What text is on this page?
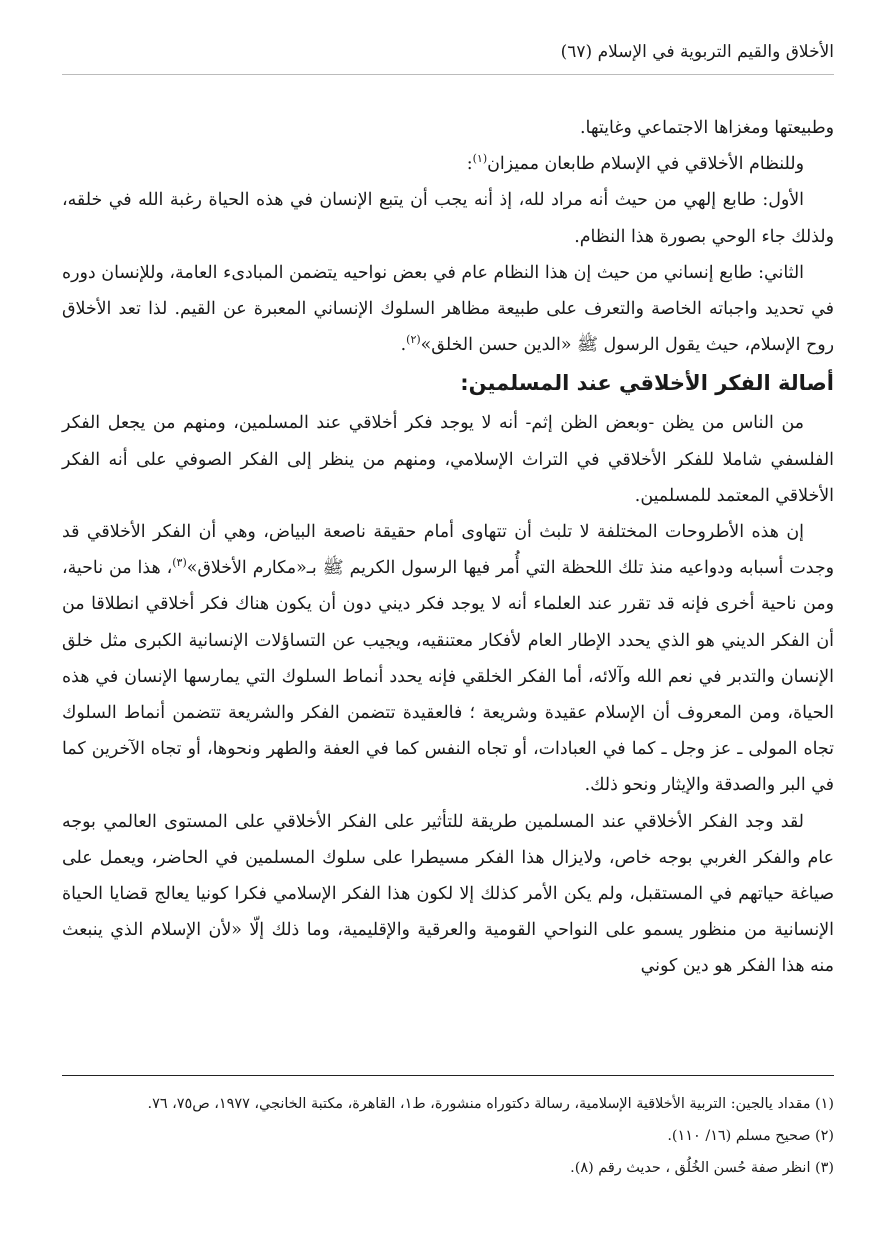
الأخلاق والقيم التربوية في الإسلام (٦٧)

وطبيعتها ومغزاها الاجتماعي وغايتها.

وللنظام الأخلاقي في الإسلام طابعان مميزان$^{(١)}$:

الأول: طابع إلهي من حيث أنه مراد لله، إذ أنه يجب أن يتبع الإنسان في هذه الحياة رغبة الله في خلقه، ولذلك جاء الوحي بصورة هذا النظام.

الثاني: طابع إنساني من حيث إن هذا النظام عام في بعض نواحيه يتضمن المبادىء العامة، وللإنسان دوره في تحديد واجباته الخاصة والتعرف على طبيعة مظاهر السلوك الإنساني المعبرة عن القيم. لذا تعد الأخلاق روح الإسلام، حيث يقول الرسول ﷺ «الدين حسن الخلق»$^{(٢)}$.

أصالة الفكر الأخلاقي عند المسلمين:

من الناس من يظن -وبعض الظن إثم- أنه لا يوجد فكر أخلاقي عند المسلمين، ومنهم من يجعل الفكر الفلسفي شاملا للفكر الأخلاقي في التراث الإسلامي، ومنهم من ينظر إلى الفكر الصوفي على أنه الفكر الأخلاقي المعتمد للمسلمين.

إن هذه الأطروحات المختلفة لا تلبث أن تتهاوى أمام حقيقة ناصعة البياض، وهي أن الفكر الأخلاقي قد وجدت أسبابه ودواعيه منذ تلك اللحظة التي أُمر فيها الرسول الكريم ﷺ بـ«مكارم الأخلاق»$^{(٣)}$، هذا من ناحية، ومن ناحية أخرى فإنه قد تقرر عند العلماء أنه لا يوجد فكر ديني دون أن يكون هناك فكر أخلاقي انطلاقا من أن الفكر الديني هو الذي يحدد الإطار العام لأفكار معتنقيه، ويجيب عن التساؤلات الإنسانية الكبرى مثل خلق الإنسان والتدبر في نعم الله وآلائه، أما الفكر الخلقي فإنه يحدد أنماط السلوك التي يمارسها الإنسان في هذه الحياة، ومن المعروف أن الإسلام عقيدة وشريعة ؛ فالعقيدة تتضمن الفكر والشريعة تتضمن أنماط السلوك تجاه المولى ـ عز وجل ـ كما في العبادات، أو تجاه النفس كما في العفة والطهر ونحوها، أو تجاه الآخرين كما في البر والصدقة والإيثار ونحو ذلك.

لقد وجد الفكر الأخلاقي عند المسلمين طريقة للتأثير على الفكر الأخلاقي على المستوى العالمي بوجه عام والفكر الغربي بوجه خاص، ولايزال هذا الفكر مسيطرا على سلوك المسلمين في الحاضر، ويعمل على صياغة حياتهم في المستقبل، ولم يكن الأمر كذلك إلا لكون هذا الفكر الإسلامي فكرا كونيا يعالج قضايا الحياة الإنسانية من منظور يسمو على النواحي القومية والعرقية والإقليمية، وما ذلك إلّا «لأن الإسلام الذي ينبعث منه هذا الفكر هو دين كوني

(١) مقداد يالجين: التربية الأخلاقية الإسلامية، رسالة دكتوراه منشورة، ط١، القاهرة، مكتبة الخانجي، ١٩٧٧، ص٧٥، ٧٦.

(٢) صحيح مسلم (١٦/ ١١٠).

(٣) انظر صفة حُسن الخُلُق ، حديث رقم (٨).
